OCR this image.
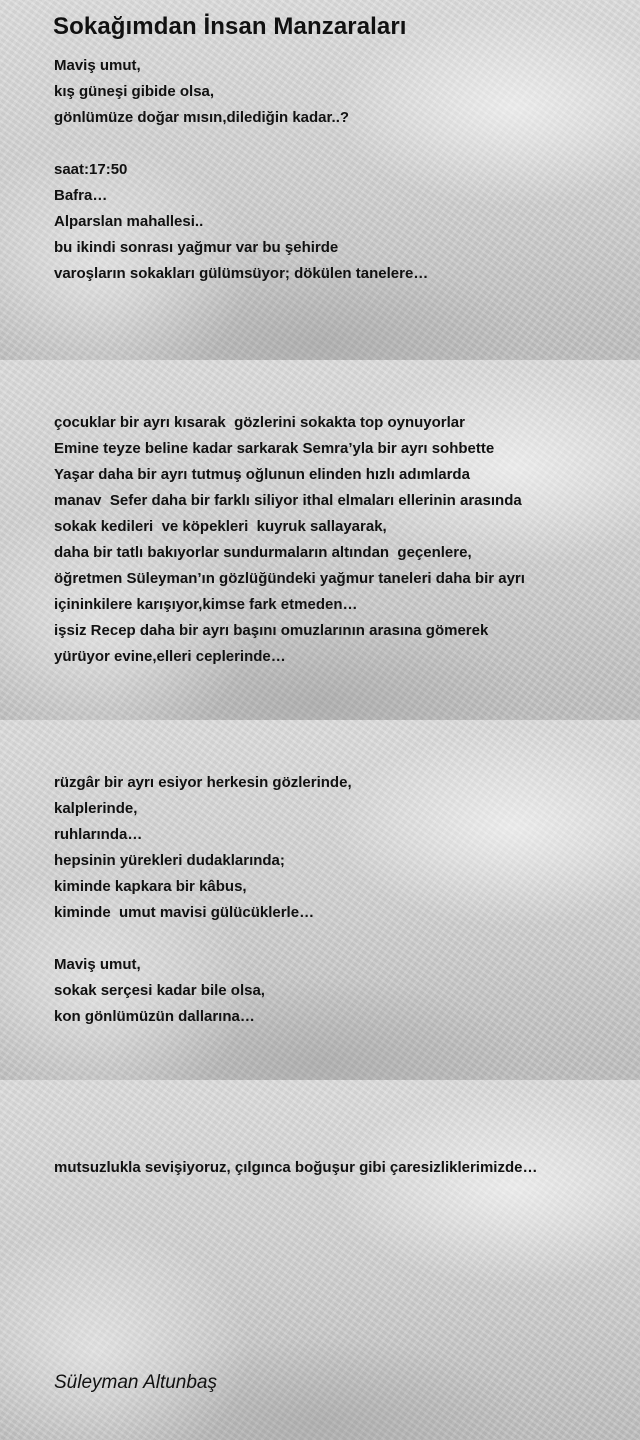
Sokağımdan İnsan Manzaraları
Maviş umut,
kış güneşi gibide olsa,
gönlümüze doğar mısın,dilediğin kadar..?
saat:17:50
Bafra…
Alparslan mahallesi..
bu ikindi sonrası yağmur var bu şehirde
varoşların sokakları gülümsüyor; dökülen tanelere…
çocuklar bir ayrı kısarak  gözlerini sokakta top oynuyorlar
Emine teyze beline kadar sarkarak Semra’yla bir ayrı sohbette
Yaşar daha bir ayrı tutmuş oğlunun elinden hızlı adımlarda
manav  Sefer daha bir farklı siliyor ithal elmaları ellerinin arasında
sokak kedileri  ve köpekleri  kuyruk sallayarak,
daha bir tatlı bakıyorlar sundurmaların altından  geçenlere,
öğretmen Süleyman’ın gözlüğündeki yağmur taneleri daha bir ayrı
içininkilere karışıyor,kimse fark etmeden…
işsiz Recep daha bir ayrı başını omuzlarının arasına gömerek
yürüyor evine,elleri ceplerinde…
rüzgâr bir ayrı esiyor herkesin gözlerinde,
kalplerinde,
ruhlarında…
hepsinin yürekleri dudaklarında;
kiminde kapkara bir kâbus,
kiminde  umut mavisi gülücüklerle…
Maviş umut,
sokak serçesi kadar bile olsa,
kon gönlümüzün dallarına…
mutsuzlukla sevişiyoruz, çılgınca boğuşur gibi çaresizliklerimizde…
Süleyman Altunbaş
